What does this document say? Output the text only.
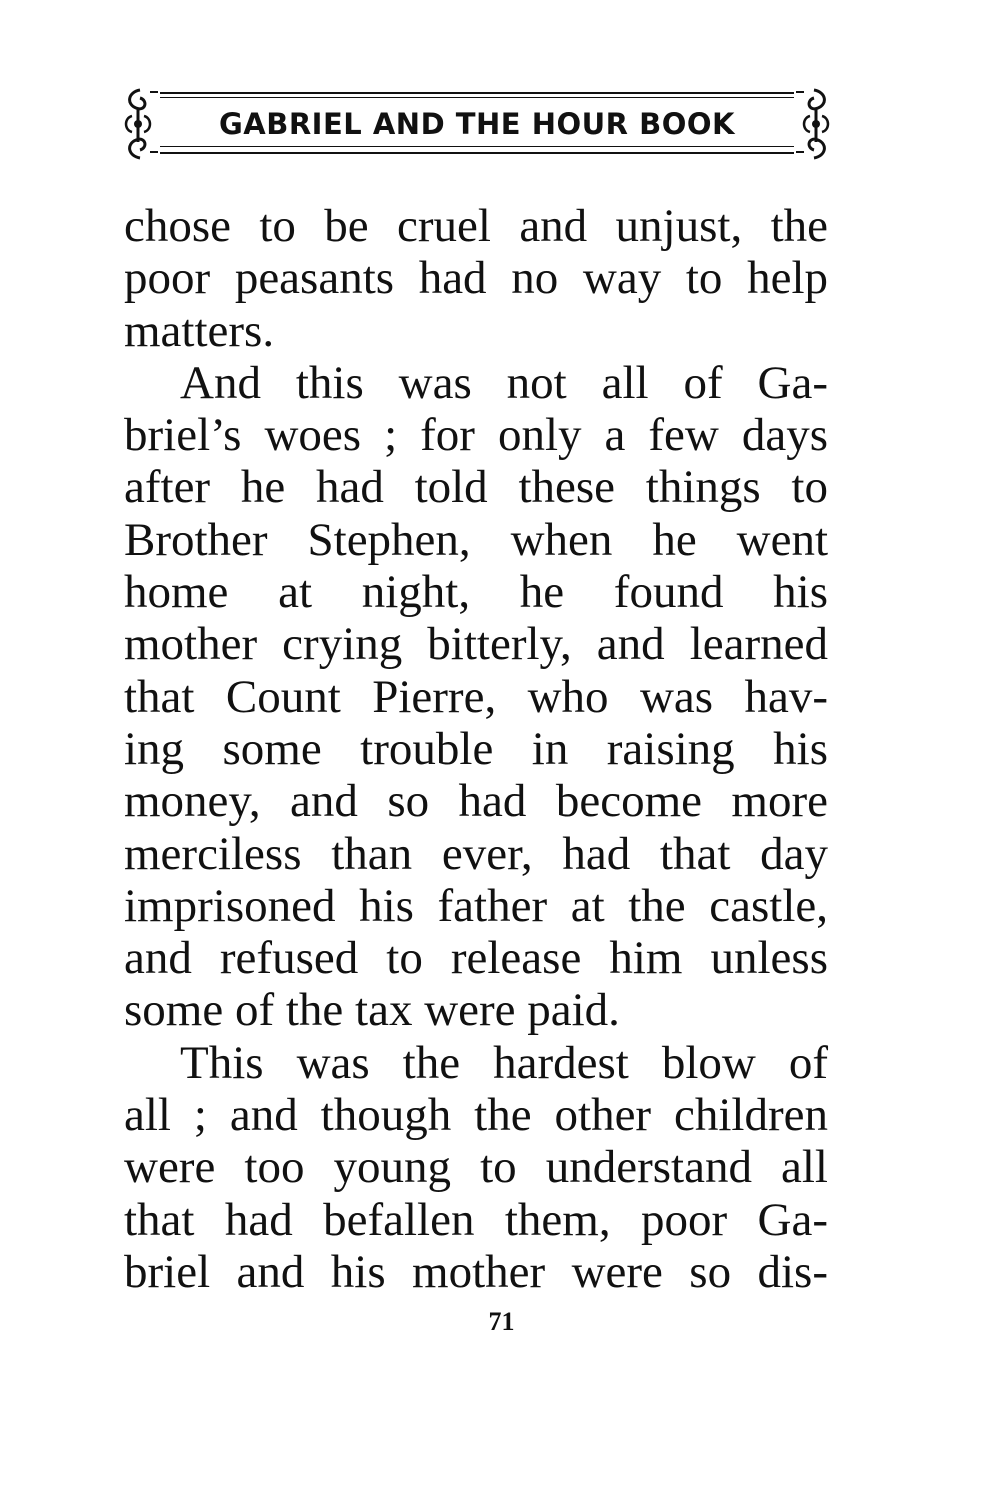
GABRIEL AND THE HOUR BOOK
chose to be cruel and unjust, the
poor peasants had no way to help
matters.
And this was not all of Ga-
briel’s woes ; for only a few days
after he had told these things to
Brother Stephen, when he went
home at night, he found his
mother crying bitterly, and learned
that Count Pierre, who was hav-
ing some trouble in raising his
money, and so had become more
merciless than ever, had that day
imprisoned his father at the castle,
and refused to release him unless
some of the tax were paid.
This was the hardest blow of
all ; and though the other children
were too young to understand all
that had befallen them, poor Ga-
briel and his mother were so dis-
71
